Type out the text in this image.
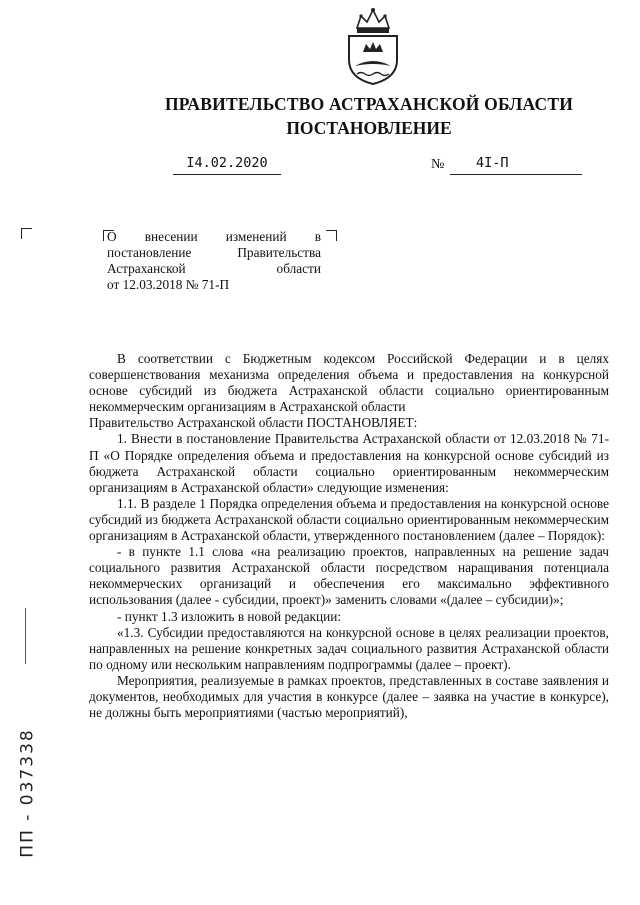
ПРАВИТЕЛЬСТВО АСТРАХАНСКОЙ ОБЛАСТИ
ПОСТАНОВЛЕНИЕ
I4.02.2020	№	4I-П
О внесении изменений в
постановление Правительства
Астраханской области
от 12.03.2018 № 71-П

В соответствии с Бюджетным кодексом Российской Федерации и в целях совершенствования механизма определения объема и предоставления на конкурсной основе субсидий из бюджета Астраханской области социально ориентированным некоммерческим организациям в Астраханской области

Правительство Астраханской области ПОСТАНОВЛЯЕТ:

1. Внести в постановление Правительства Астраханской области от 12.03.2018 № 71-П «О Порядке определения объема и предоставления на конкурсной основе субсидий из бюджета Астраханской области социально ориентированным некоммерческим организациям в Астраханской области» следующие изменения:

1.1. В разделе 1 Порядка определения объема и предоставления на конкурсной основе субсидий из бюджета Астраханской области социально ориентированным некоммерческим организациям в Астраханской области, утвержденного постановлением (далее – Порядок):

- в пункте 1.1 слова «на реализацию проектов, направленных на решение задач социального развития Астраханской области посредством наращивания потенциала некоммерческих организаций и обеспечения его максимально эффективного использования (далее - субсидии, проект)» заменить словами «(далее – субсидии)»;

- пункт 1.3 изложить в новой редакции:

«1.3. Субсидии предоставляются на конкурсной основе в целях реализации проектов, направленных на решение конкретных задач социального развития Астраханской области по одному или нескольким направлениям подпрограммы (далее – проект).

Мероприятия, реализуемые в рамках проектов, представленных в составе заявления и документов, необходимых для участия в конкурсе (далее – заявка на участие в конкурсе), не должны быть мероприятиями (частью мероприятий),

ПП - 037338
